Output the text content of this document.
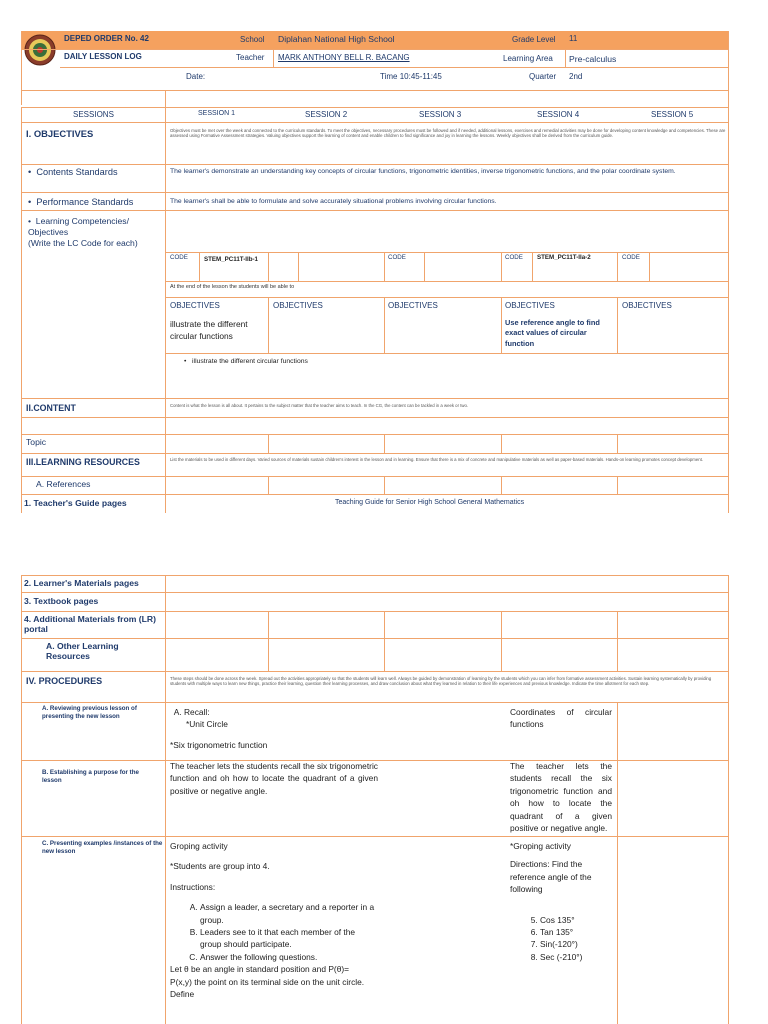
DEPED ORDER No. 42
DAILY LESSON LOG
School Diplahan National High School	Grade Level 11
Teacher MARK ANTHONY BELL R. BACANG	Learning Area Pre-calculus
Date:	Time 10:45-11:45	Quarter 2nd
SESSIONS	SESSION 1	SESSION 2	SESSION 3	SESSION 4	SESSION 5
I. OBJECTIVES	Objectives must be met over the week and connected to the curriculum standards. To meet the objectives, necessary procedures must be followed and if needed, additional lessons, exercises and remedial activities may be done for developing content knowledge and competencies. These are assessed using Formative Assessment strategies. Valuing objectives support the learning of content and enable children to find significance and joy in learning the lessons. Weekly objectives shall be derived from the curriculum guide.
•  Contents Standards	The learner's demonstrate an understanding key concepts of circular functions, trigonometric identities, inverse trigonometric functions, and the polar coordinate system.
•  Performance Standards	The learner's shall be able to formulate and solve accurately situational problems involving circular functions.
•  Learning Competencies/ Objectives
(Write the LC Code for each)
CODE	STEM_PC11T-IIb-1	CODE	CODE STEM_PC11T-IIa-2	CODE
At the end of the lesson the students will be able to
OBJECTIVES	OBJECTIVES	OBJECTIVES	OBJECTIVES	OBJECTIVES
illustrate the different circular functions
Use reference angle to find exact values of circular function
•   illustrate the different circular functions
II.CONTENT	Content is what the lesson is all about. It pertains to the subject matter that the teacher aims to teach. In the CG, the content can be tackled in a week or two.
Topic
III.LEARNING RESOURCES	List the materials to be used in different days. Varied sources of materials sustain children's interest in the lesson and in learning. Ensure that there is a mix of concrete and manipulative materials as well as paper-based materials. Hands-on learning promotes concept development.
A. References
1. Teacher's Guide pages	Teaching Guide for Senior High School General Mathematics
2. Learner's Materials pages
3. Textbook pages
4. Additional Materials from (LR) portal
A. Other Learning Resources
IV. PROCEDURES	These steps should be done across the week. Spread out the activities appropriately so that the students will learn well. Always be guided by demonstration of learning by the students which you can infer from formative assessment activities. Sustain learning systematically by providing students with multiple ways to learn new things, practice their learning, question their learning processes, and draw conclusion about what they learned in relation to their life experiences and previous knowledge. Indicate the time allotment for each step.
A. Reviewing previous lesson of presenting the new lesson
A.	Recall:
*Unit Circle
*Six trigonometric function
Coordinates of circular functions
B. Establishing a purpose for the lesson
The teacher lets the students recall the six trigonometric function and oh how to locate the quadrant of a given positive or negative angle.
The teacher lets the students recall the six trigonometric function and oh how to locate the quadrant of a given positive or negative angle.
C. Presenting examples /instances of the new lesson
Groping activity
*Students are group into 4.
Instructions:
A. Assign a leader, a secretary and a reporter in a group.
B. Leaders see to it that each member of the group should participate.
C. Answer the following questions.
Let θ be an angle in standard position and P(θ)= P(x,y) the point on its terminal side on the unit circle. Define
*Groping activity
Directions: Find the reference angle of the following
5. Cos 135°
6. Tan 135°
7. Sin(-120°)
8. Sec (-210°)
